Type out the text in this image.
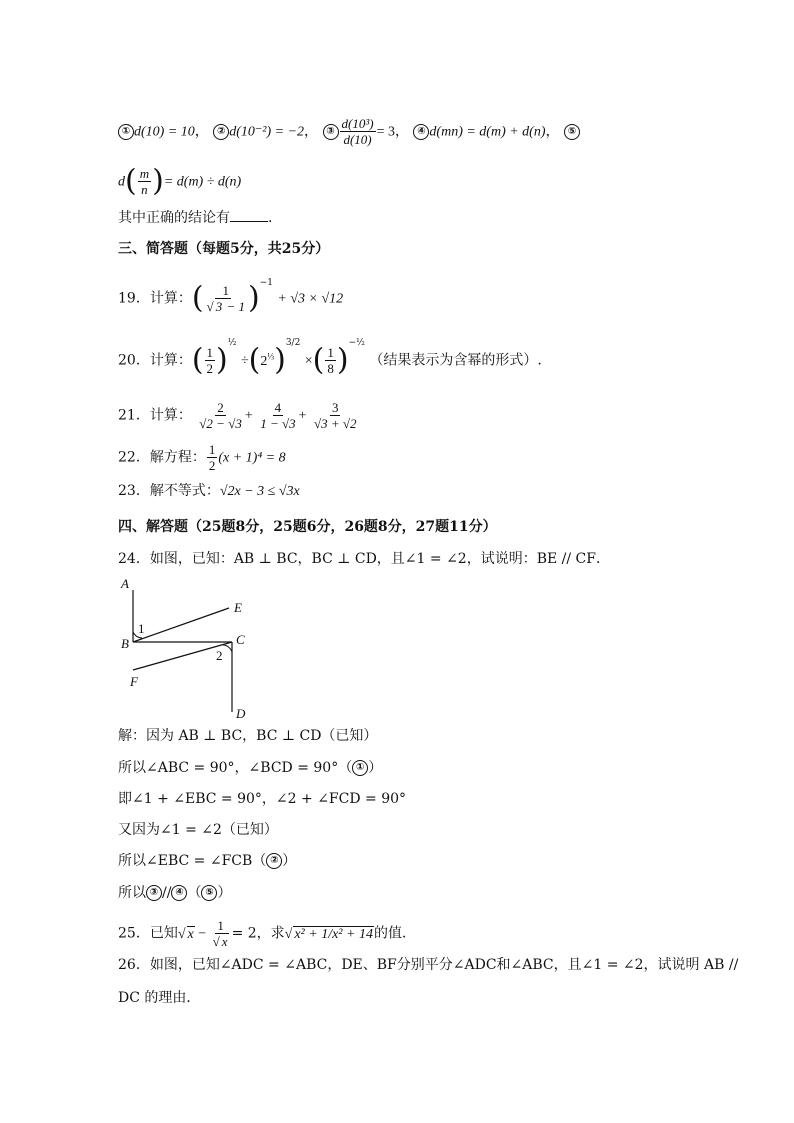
① d(10) = 10， ② d(10⁻²) = −2， ③ $\frac{\text{d(10³)}}{d(10)} = 3$， ④ d(mn) = d(m) + d(n)， ⑤
$d( \frac{m}{n}$ )= d(m) ÷ d(n)
其中正确的结论有	.
三、简答题（每题5分，共25分）
19．计算：( 1
√ 3 − 1 )$^{-1}$ + √3 × √12
20．计算：( $\frac{1}{2} )^{\frac{1}{2}} \div(2^{\frac{1}{3}})^{3/2}$ ×( $\frac{1}{8} )^{-\frac{1}{2}}$ （结果表示为含幂的形式）.
21．计算： $\frac{2}{√2 - √3} + \frac{4}{1 - √3} + \frac{3}{√3 + √2}$
22．解方程： $\frac{1}{2} (x + 1)^4 = 8$
23．解不等式：√2x − 3 ≤ √3x
四、解答题（25题8分，25题6分，26题8分，27题11分）
24．如图，已知：AB ⊥ BC，BC ⊥ CD，且∠1 = ∠2，试说明：BE // CF．
A
B	C
D
E
F
1
2
解：因为 AB ⊥ BC，BC ⊥ CD（已知）
所以∠ABC = 90°，∠BCD = 90°（ ① ）
即∠1 + ∠EBC = 90°，∠2 + ∠FCD = 90°
又因为∠1 = ∠2（已知）
所以∠EBC = ∠FCB（ ② ）
所以 ③ // ④ （ ⑤ ）
25．已知 √ x − 1
√ x = 2，求 √ x² + 1/x² + 14的值．
26．如图，已知∠ADC = ∠ABC，DE、BF分别平分∠ADC和∠ABC，且∠1 = ∠2，试说明 AB //
DC 的理由．
